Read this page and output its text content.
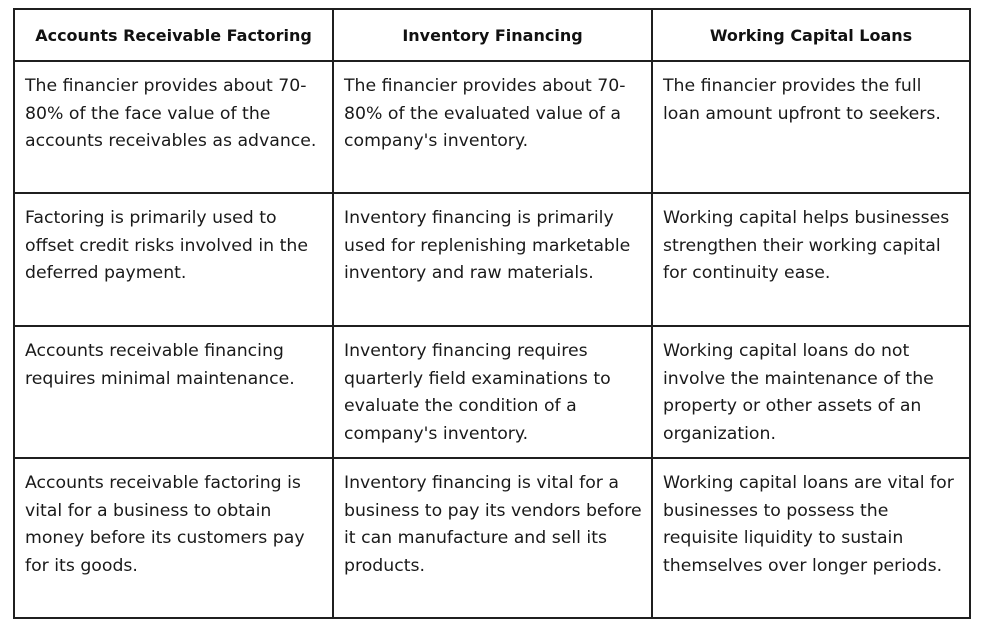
Accounts Receivable Factoring	Inventory Financing	Working Capital Loans
The financier provides about 70-80% of the face value of the accounts receivables as advance.	The financier provides about 70-80% of the evaluated value of a company's inventory.	The financier provides the full loan amount upfront to seekers.
Factoring is primarily used to offset credit risks involved in the deferred payment.	Inventory financing is primarily used for replenishing marketable inventory and raw materials.	Working capital helps businesses strengthen their working capital for continuity ease.
Accounts receivable financing requires minimal maintenance.	Inventory financing requires quarterly field examinations to evaluate the condition of a company's inventory.	Working capital loans do not involve the maintenance of the property or other assets of an organization.
Accounts receivable factoring is vital for a business to obtain money before its customers pay for its goods.	Inventory financing is vital for a business to pay its vendors before it can manufacture and sell its products.	Working capital loans are vital for businesses to possess the requisite liquidity to sustain themselves over longer periods.
